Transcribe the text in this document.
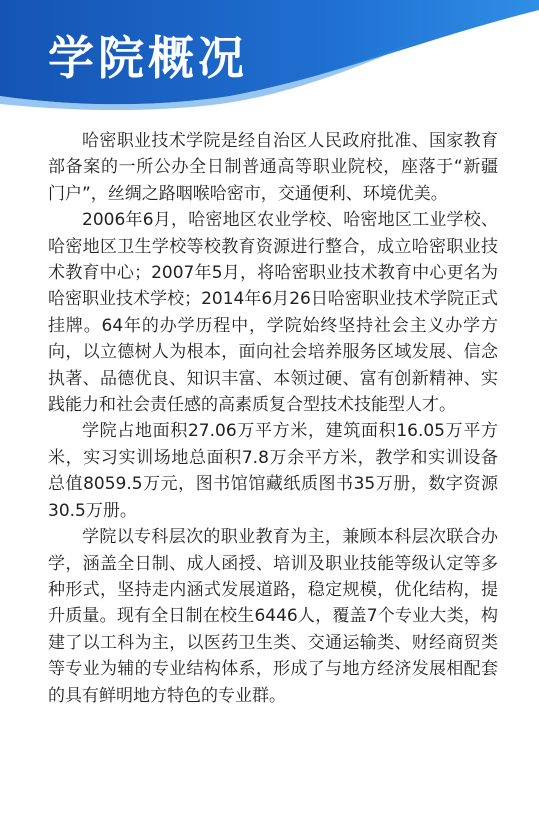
学院概况

哈密职业技术学院是经自治区人民政府批准、国家教育部备案的一所公办全日制普通高等职业院校，座落于“新疆门户”，丝绸之路咽喉哈密市，交通便利、环境优美。

2006年6月，哈密地区农业学校、哈密地区工业学校、哈密地区卫生学校等校教育资源进行整合，成立哈密职业技术教育中心；2007年5月，将哈密职业技术教育中心更名为哈密职业技术学校；2014年6月26日哈密职业技术学院正式挂牌。64年的办学历程中，学院始终坚持社会主义办学方向，以立德树人为根本，面向社会培养服务区域发展、信念执著、品德优良、知识丰富、本领过硬、富有创新精神、实践能力和社会责任感的高素质复合型技术技能型人才。

学院占地面积27.06万平方米，建筑面积16.05万平方米，实习实训场地总面积7.8万余平方米，教学和实训设备总值8059.5万元，图书馆馆藏纸质图书35万册，数字资源30.5万册。

学院以专科层次的职业教育为主，兼顾本科层次联合办学，涵盖全日制、成人函授、培训及职业技能等级认定等多种形式，坚持走内涵式发展道路，稳定规模，优化结构，提升质量。现有全日制在校生6446人，覆盖7个专业大类，构建了以工科为主，以医药卫生类、交通运输类、财经商贸类等专业为辅的专业结构体系，形成了与地方经济发展相配套的具有鲜明地方特色的专业群。
